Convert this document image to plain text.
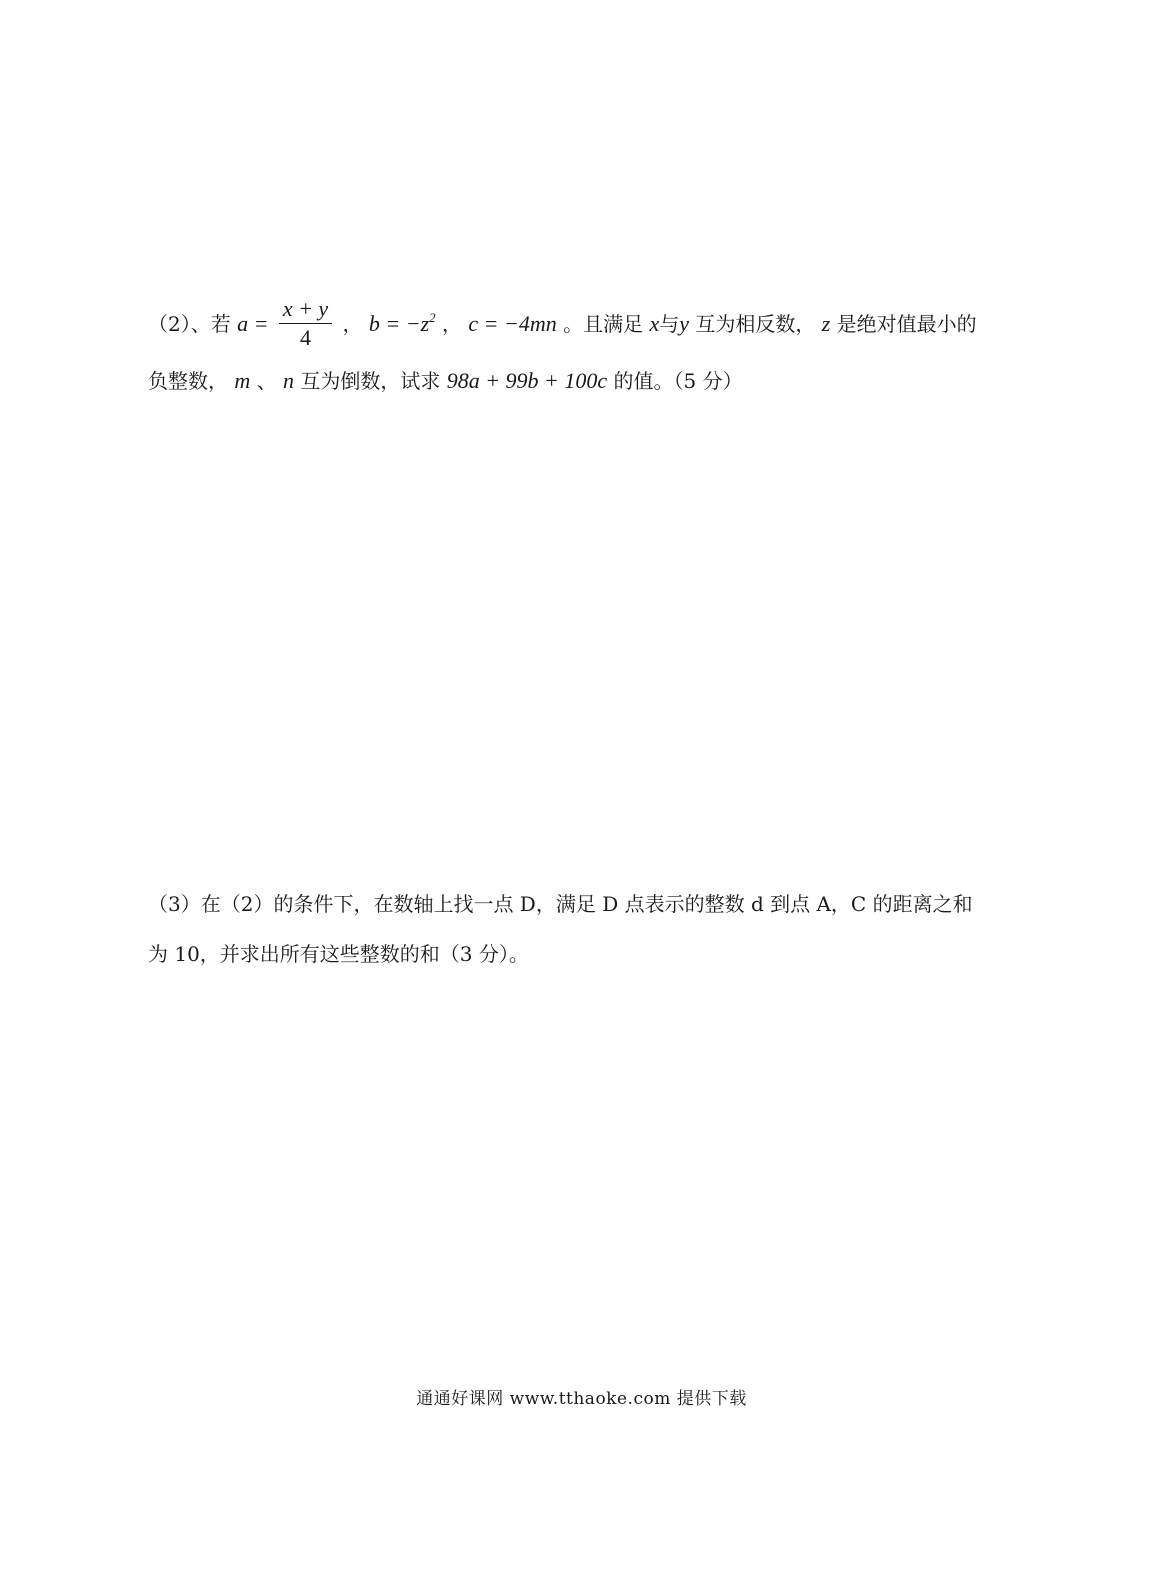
（2）、若 $a = \frac{x + y}{4}$ ， $b = -z^2$ ， c = −4mn 。且满足 x与y 互为相反数， z 是绝对值最小的
负整数， m 、 n 互为倒数，试求 98a + 99b + 100c 的值。（5 分）
（3）在（2）的条件下，在数轴上找一点 D，满足 D 点表示的整数 d 到点 A，C 的距离之和
为 10，并求出所有这些整数的和（3 分）。
通通好课网 www.tthaoke.com 提供下载
